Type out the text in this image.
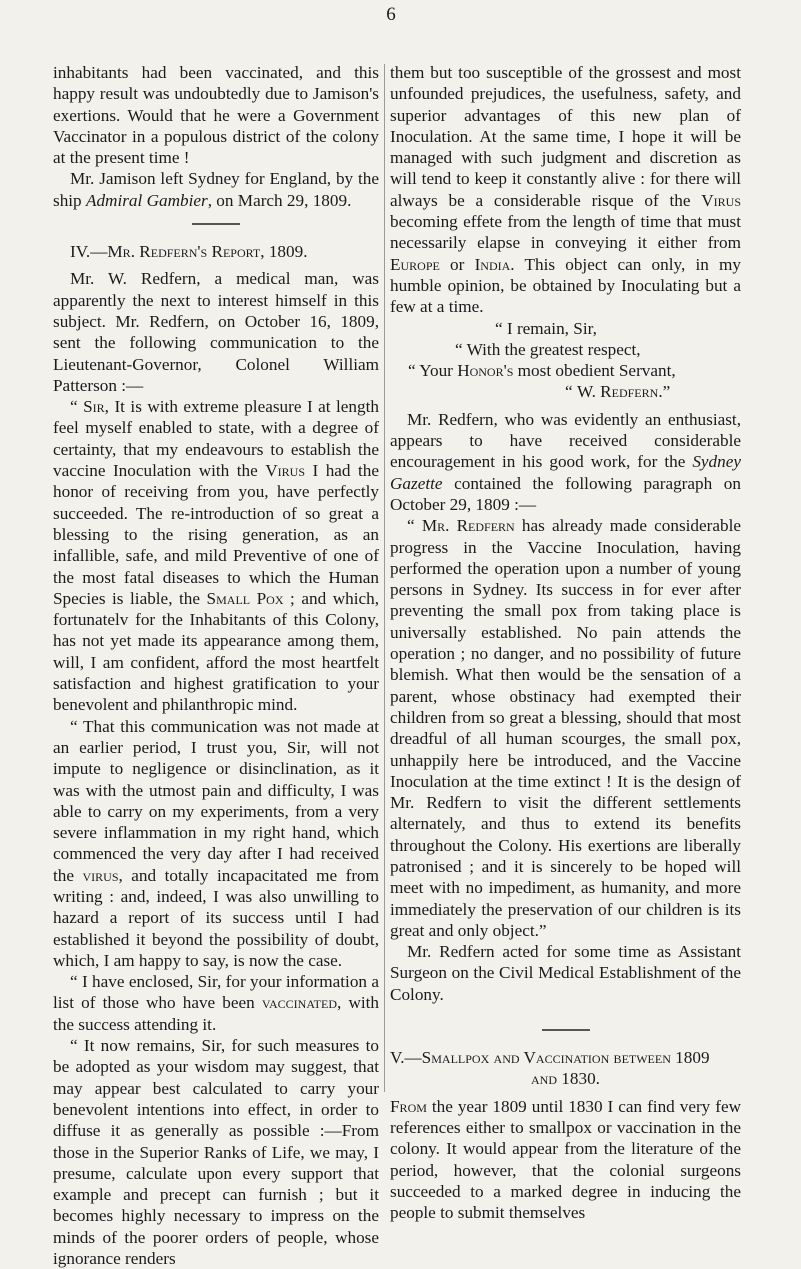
6

inhabitants had been vaccinated, and this happy result was undoubtedly due to Jamison's exertions. Would that he were a Government Vaccinator in a populous district of the colony at the present time !

Mr. Jamison left Sydney for England, by the ship Admiral Gambier, on March 29, 1809.

IV.—Mr. Redfern's Report, 1809.

Mr. W. Redfern, a medical man, was apparently the next to interest himself in this subject. Mr. Redfern, on October 16, 1809, sent the following communication to the Lieutenant-Governor, Colonel William Patterson :—

“ Sir, It is with extreme pleasure I at length feel myself enabled to state, with a degree of certainty, that my endeavours to establish the vaccine Inoculation with the Virus I had the honor of receiving from you, have perfectly succeeded. The re-introduction of so great a blessing to the rising generation, as an infallible, safe, and mild Preventive of one of the most fatal diseases to which the Human Species is liable, the Small Pox ; and which, fortunatelv for the Inhabitants of this Colony, has not yet made its appearance among them, will, I am confident, afford the most heartfelt satisfaction and highest gratification to your benevolent and philanthropic mind.

“ That this communication was not made at an earlier period, I trust you, Sir, will not impute to negligence or disinclination, as it was with the utmost pain and difficulty, I was able to carry on my experiments, from a very severe inflammation in my right hand, which commenced the very day after I had received the virus, and totally incapacitated me from writing : and, indeed, I was also unwilling to hazard a report of its success until I had established it beyond the possibility of doubt, which, I am happy to say, is now the case.

“ I have enclosed, Sir, for your information a list of those who have been vaccinated, with the success attending it.

“ It now remains, Sir, for such measures to be adopted as your wisdom may suggest, that may appear best calculated to carry your benevolent intentions into effect, in order to diffuse it as generally as possible :—From those in the Superior Ranks of Life, we may, I presume, calculate upon every support that example and precept can furnish ; but it becomes highly necessary to impress on the minds of the poorer orders of people, whose ignorance renders

them but too susceptible of the grossest and most unfounded prejudices, the usefulness, safety, and superior advantages of this new plan of Inoculation. At the same time, I hope it will be managed with such judgment and discretion as will tend to keep it constantly alive : for there will always be a considerable risque of the Virus becoming effete from the length of time that must necessarily elapse in conveying it either from Europe or India. This object can only, in my humble opinion, be obtained by Inoculating but a few at a time.

“ I remain, Sir,

“ With the greatest respect,

“ Your Honor's most obedient Servant,

“ W. Redfern.”

Mr. Redfern, who was evidently an enthusiast, appears to have received considerable encouragement in his good work, for the Sydney Gazette contained the following paragraph on October 29, 1809 :—

“ Mr. Redfern has already made considerable progress in the Vaccine Inoculation, having performed the operation upon a number of young persons in Sydney. Its success in for ever after preventing the small pox from taking place is universally established. No pain attends the operation ; no danger, and no possibility of future blemish. What then would be the sensation of a parent, whose obstinacy had exempted their children from so great a blessing, should that most dreadful of all human scourges, the small pox, unhappily here be introduced, and the Vaccine Inoculation at the time extinct ! It is the design of Mr. Redfern to visit the different settlements alternately, and thus to extend its benefits throughout the Colony. His exertions are liberally patronised ; and it is sincerely to be hoped will meet with no impediment, as humanity, and more immediately the preservation of our children is its great and only object.”

Mr. Redfern acted for some time as Assistant Surgeon on the Civil Medical Establishment of the Colony.

V.—Smallpox and Vaccination between 1809

and 1830.

From the year 1809 until 1830 I can find very few references either to smallpox or vaccination in the colony. It would appear from the literature of the period, however, that the colonial surgeons succeeded to a marked degree in inducing the people to submit themselves
